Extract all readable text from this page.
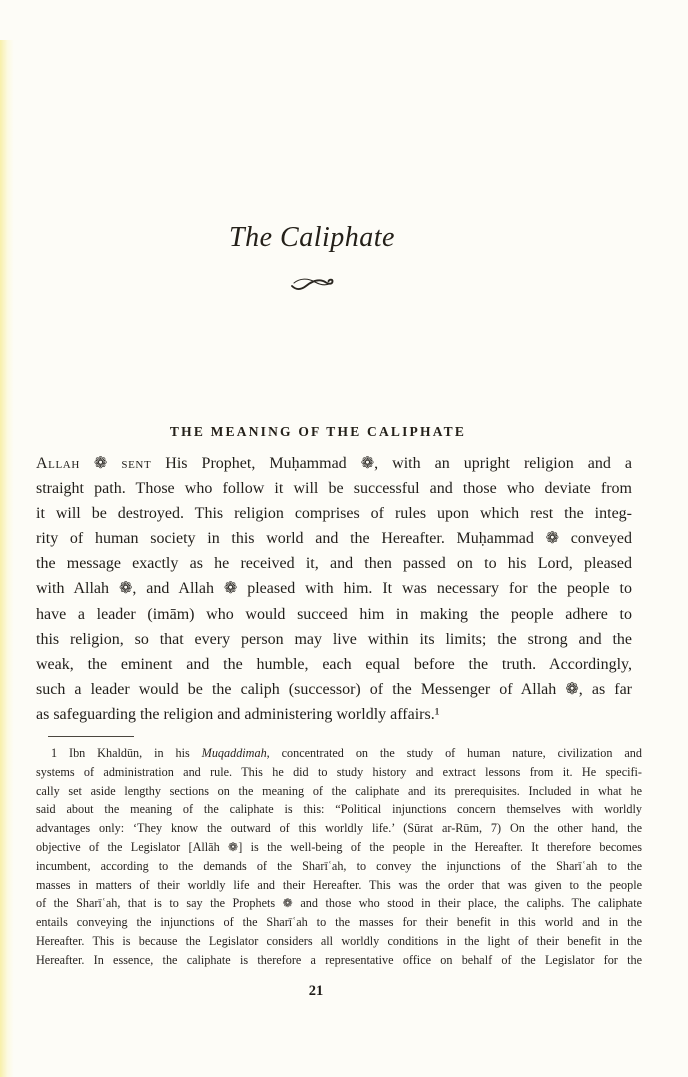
The Caliphate
THE MEANING OF THE CALIPHATE
Allah ❁ sent His Prophet, Muḥammad ❁, with an upright religion and a
straight path. Those who follow it will be successful and those who deviate from
it will be destroyed. This religion comprises of rules upon which rest the integ-
rity of human society in this world and the Hereafter. Muḥammad ❁ conveyed
the message exactly as he received it, and then passed on to his Lord, pleased
with Allah ❁, and Allah ❁ pleased with him. It was necessary for the people to
have a leader (imām) who would succeed him in making the people adhere to
this religion, so that every person may live within its limits; the strong and the
weak, the eminent and the humble, each equal before the truth. Accordingly,
such a leader would be the caliph (successor) of the Messenger of Allah ❁, as far
as safeguarding the religion and administering worldly affairs.¹
1 Ibn Khaldūn, in his Muqaddimah, concentrated on the study of human nature, civilization and
systems of administration and rule. This he did to study history and extract lessons from it. He specifi-
cally set aside lengthy sections on the meaning of the caliphate and its prerequisites. Included in what he
said about the meaning of the caliphate is this: “Political injunctions concern themselves with worldly
advantages only: ‘They know the outward of this worldly life.’ (Sūrat ar-Rūm, 7) On the other hand, the
objective of the Legislator [Allāh ❁] is the well-being of the people in the Hereafter. It therefore becomes
incumbent, according to the demands of the Sharīʿah, to convey the injunctions of the Sharīʿah to the
masses in matters of their worldly life and their Hereafter. This was the order that was given to the people
of the Sharīʿah, that is to say the Prophets ❁ and those who stood in their place, the caliphs. The caliphate
entails conveying the injunctions of the Sharīʿah to the masses for their benefit in this world and in the
Hereafter. This is because the Legislator considers all worldly conditions in the light of their benefit in the
Hereafter. In essence, the caliphate is therefore a representative office on behalf of the Legislator for the
21
